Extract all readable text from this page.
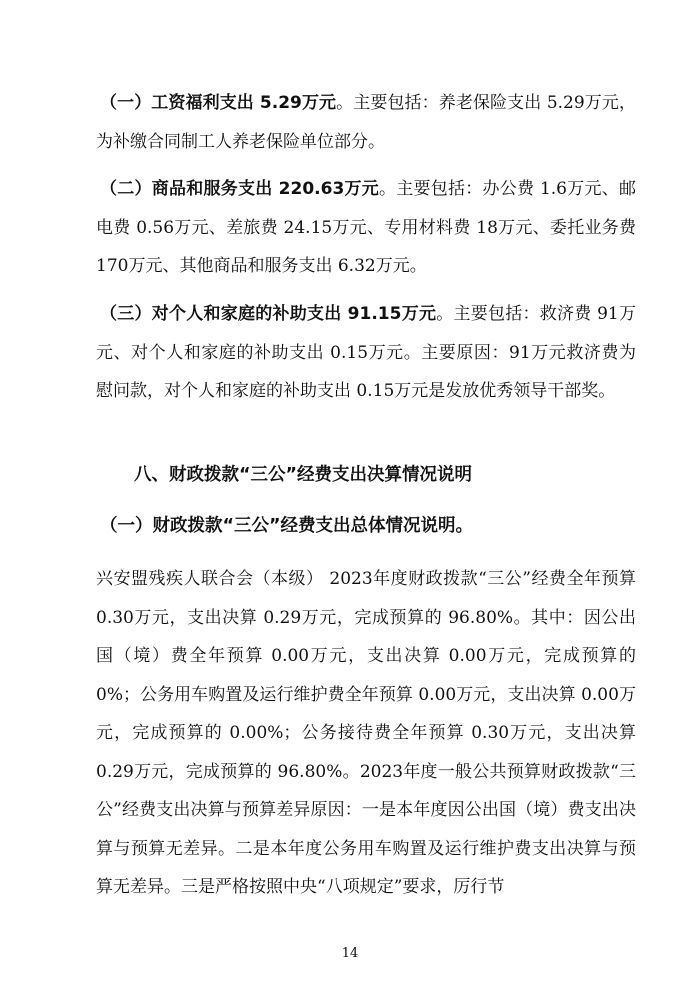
（一）工资福利支出 5.29万元。主要包括：养老保险支出 5.29万元，为补缴合同制工人养老保险单位部分。
（二）商品和服务支出 220.63万元。主要包括：办公费 1.6万元、邮电费 0.56万元、差旅费 24.15万元、专用材料费 18万元、委托业务费 170万元、其他商品和服务支出 6.32万元。
（三）对个人和家庭的补助支出 91.15万元。主要包括：救济费 91万元、对个人和家庭的补助支出 0.15万元。主要原因：91万元救济费为慰问款，对个人和家庭的补助支出 0.15万元是发放优秀领导干部奖。
八、财政拨款“三公”经费支出决算情况说明
（一）财政拨款“三公”经费支出总体情况说明。
兴安盟残疾人联合会（本级） 2023年度财政拨款“三公”经费全年预算 0.30万元，支出决算 0.29万元，完成预算的 96.80%。其中：因公出国（境）费全年预算 0.00万元，支出决算 0.00万元，完成预算的 0%；公务用车购置及运行维护费全年预算 0.00万元，支出决算 0.00万元，完成预算的 0.00%；公务接待费全年预算 0.30万元，支出决算 0.29万元，完成预算的 96.80%。2023年度一般公共预算财政拨款“三公”经费支出决算与预算差异原因：一是本年度因公出国（境）费支出决算与预算无差异。二是本年度公务用车购置及运行维护费支出决算与预算无差异。三是严格按照中央“八项规定”要求，厉行节
14
